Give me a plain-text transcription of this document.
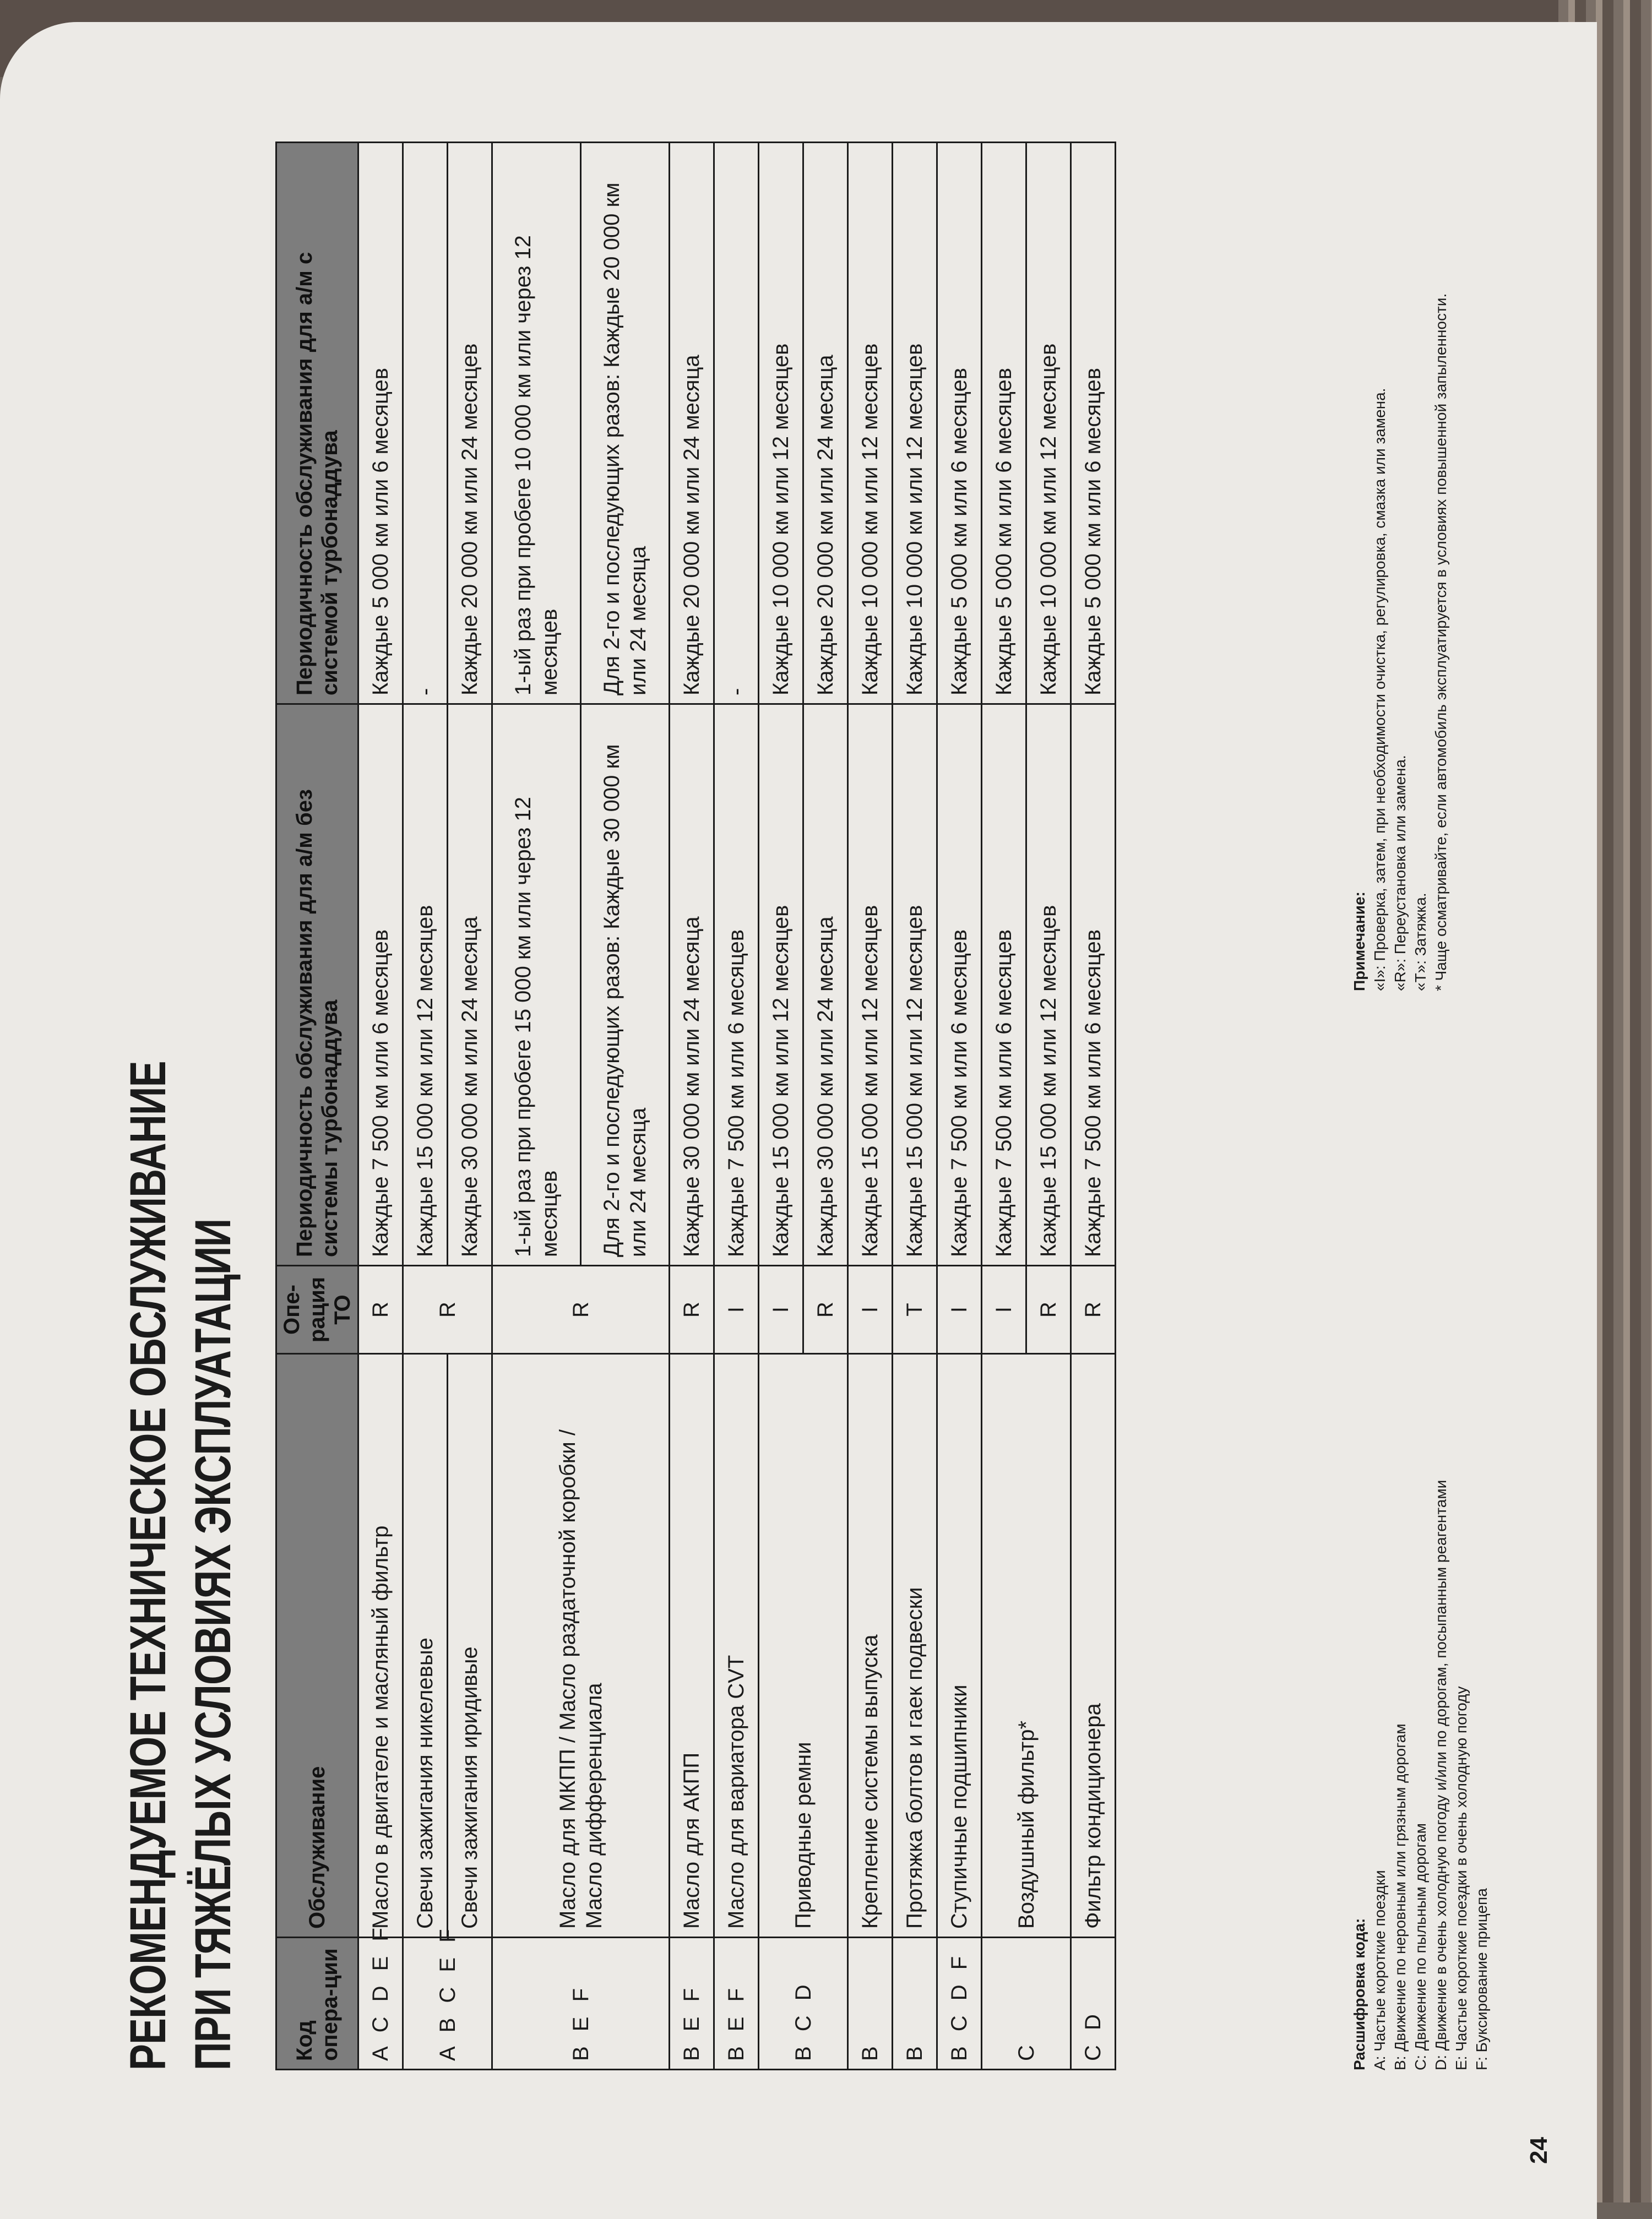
РЕКОМЕНДУЕМОЕ ТЕХНИЧЕСКОЕ ОБСЛУЖИВАНИЕ ПРИ ТЯЖЁЛЫХ УСЛОВИЯХ ЭКСПЛУАТАЦИИ Код опера-ции	Обслуживание	Опе-рация ТО	Периодичность обслуживания для а/м без системы турбонаддува	Периодичность обслуживания для а/м с системой турбонаддува
A C D E F	Масло в двигателе и масляный фильтр	R	Каждые 7 500 км или 6 месяцев	Каждые 5 000 км или 6 месяцев
A B C E F	Свечи зажигания никелевые	R	Каждые 15 000 км или 12 месяцев	-
	Свечи зажигания иридивые		Каждые 30 000 км или 24 месяца	Каждые 20 000 км или 24 месяцев
B E F	Масло для МКПП / Масло раздаточной коробки / Масло дифференциала	R	1-ый раз при пробеге 15 000 км или через 12 месяцев	1-ый раз при пробеге 10 000 км или через 12 месяцев
			Для 2-го и последующих разов: Каждые 30 000 км или 24 месяца	Для 2-го и последующих разов: Каждые 20 000 км или 24 месяца
B E F	Масло для АКПП	R	Каждые 30 000 км или 24 месяца	Каждые 20 000 км или 24 месяца
B E F	Масло для вариатора CVT	I	Каждые 7 500 км или 6 месяцев	-
B C D	Приводные ремни	I	Каждые 15 000 км или 12 месяцев	Каждые 10 000 км или 12 месяцев
		R	Каждые 30 000 км или 24 месяца	Каждые 20 000 км или 24 месяца
B	Крепление системы выпуска	I	Каждые 15 000 км или 12 месяцев	Каждые 10 000 км или 12 месяцев
B	Протяжка болтов и гаек подвески	T	Каждые 15 000 км или 12 месяцев	Каждые 10 000 км или 12 месяцев
B C D F	Ступичные подшипники	I	Каждые 7 500 км или 6 месяцев	Каждые 5 000 км или 6 месяцев
C	Воздушный фильтр*	I	Каждые 7 500 км или 6 месяцев	Каждые 5 000 км или 6 месяцев
		R	Каждые 15 000 км или 12 месяцев	Каждые 10 000 км или 12 месяцев
C D	Фильтр кондиционера	R	Каждые 7 500 км или 6 месяцев	Каждые 5 000 км или 6 месяцев
Расшифровка кода: А: Частые короткие поездки В: Движение по неровным или грязным дорогам С: Движение по пыльным дорогам D: Движение в очень холодную погоду и/или по дорогам, посыпанным реагентами Е: Частые короткие поездки в очень холодную погоду F: Буксирование прицепа
Примечание: «I»: Проверка, затем, при необходимости очистка, регулировка, смазка или замена. «R»: Переустановка или замена. «T»: Затяжка. * Чаще осматривайте, если автомобиль эксплуатируется в условиях повышенной запыленности.
24
